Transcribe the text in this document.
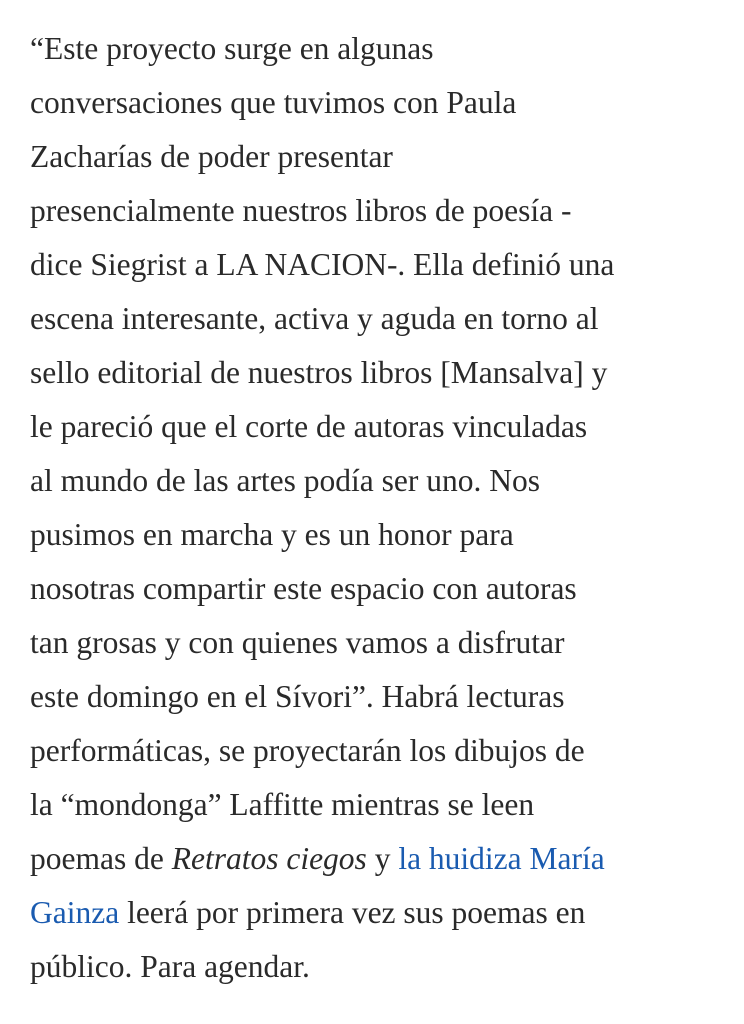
“Este proyecto surge en algunas
conversaciones que tuvimos con Paula
Zacharías de poder presentar
presencialmente nuestros libros de poesía -
dice Siegrist a LA NACION-. Ella definió una
escena interesante, activa y aguda en torno al
sello editorial de nuestros libros [Mansalva] y
le pareció que el corte de autoras vinculadas
al mundo de las artes podía ser uno. Nos
pusimos en marcha y es un honor para
nosotras compartir este espacio con autoras
tan grosas y con quienes vamos a disfrutar
este domingo en el Sívori”. Habrá lecturas
performáticas, se proyectarán los dibujos de
la “mondonga” Laffitte mientras se leen
poemas de Retratos ciegos y la huidiza María
Gainza leerá por primera vez sus poemas en
público. Para agendar.
